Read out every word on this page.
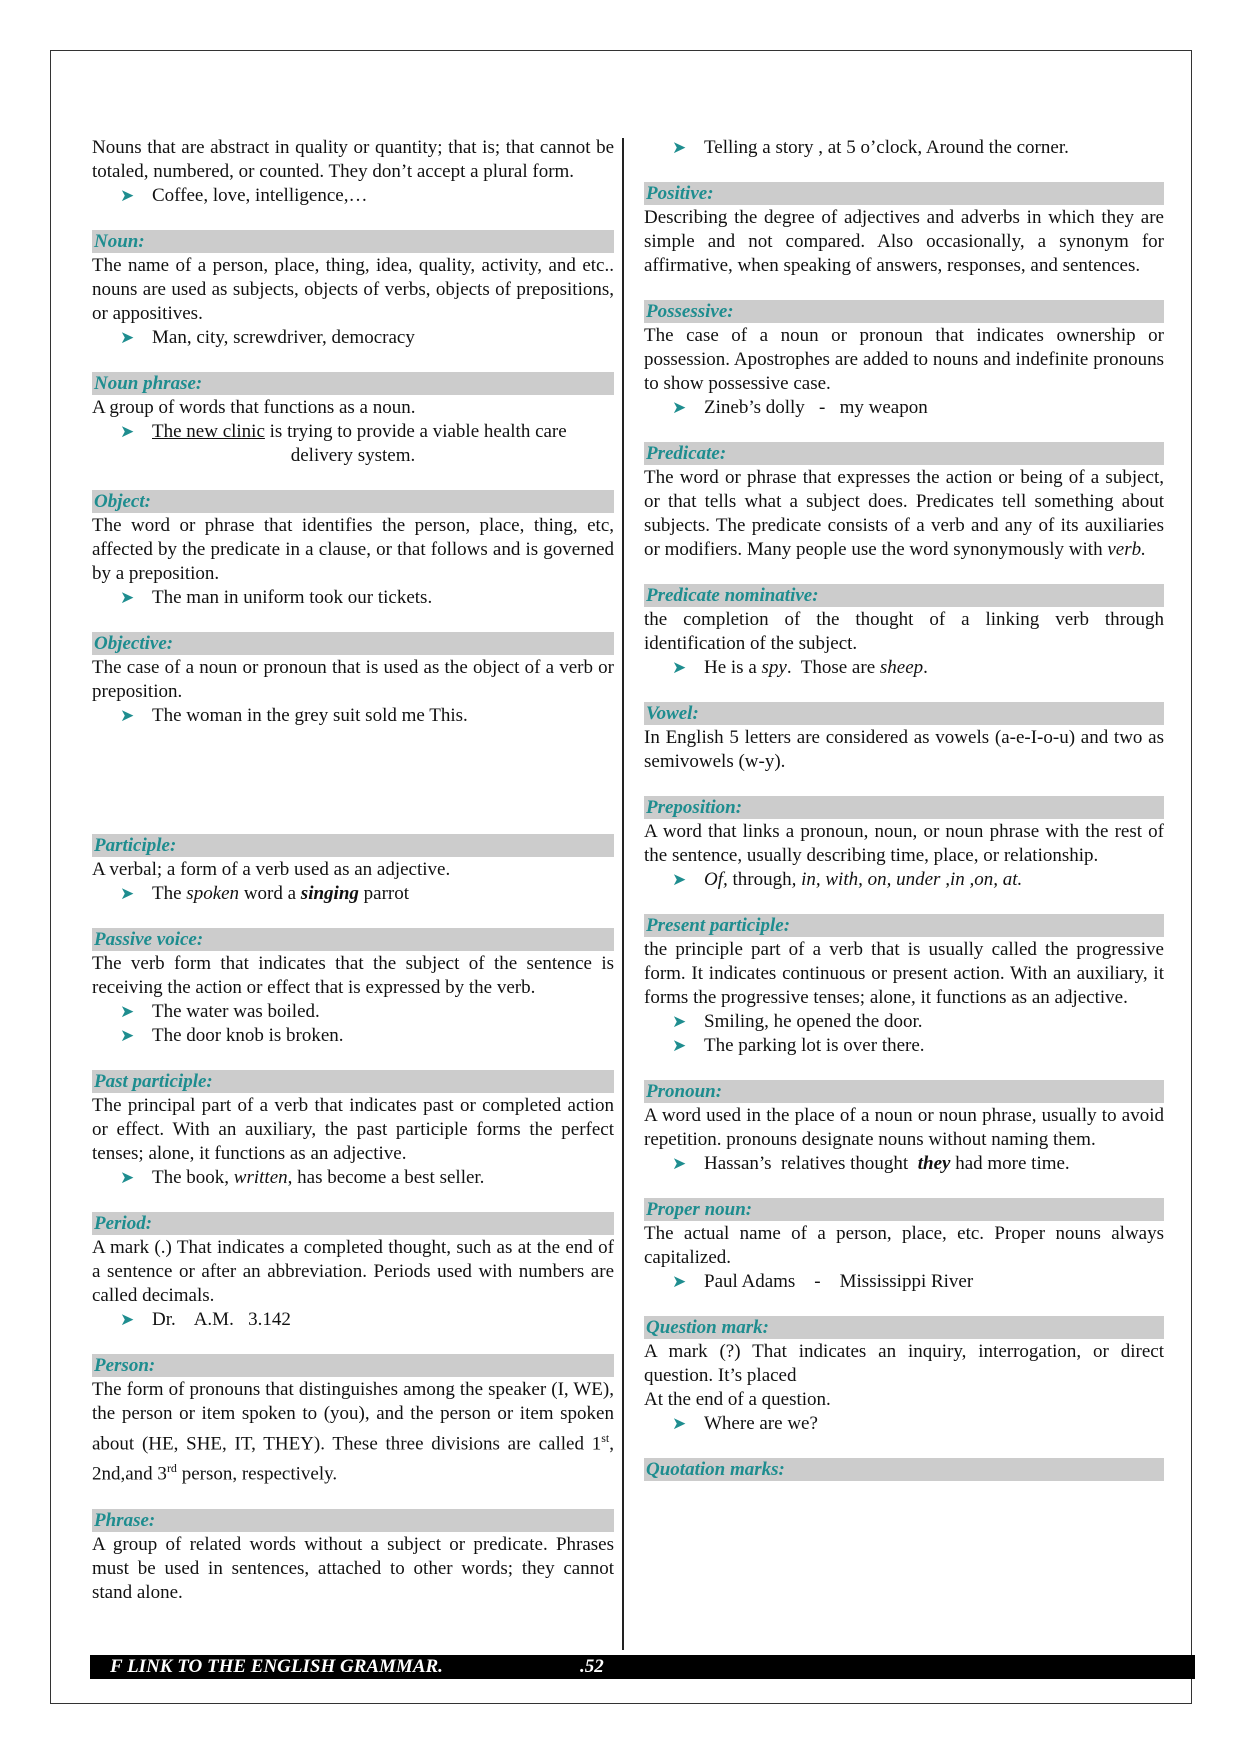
Nouns that are abstract in quality or quantity; that is; that cannot be totaled, numbered, or counted. They don’t accept a plural form.

➤ Coffee, love, intelligence,…
Noun:

The name of a person, place, thing, idea, quality, activity, and etc.. nouns are used as subjects, objects of verbs, objects of prepositions, or appositives.

➤ Man, city, screwdriver, democracy
Noun phrase:

A group of words that functions as a noun.

➤ The new clinic is trying to provide a viable health care
delivery system.
Object:

The word or phrase that identifies the person, place, thing, etc, affected by the predicate in a clause, or that follows and is governed by a preposition.

➤ The man in uniform took our tickets.
Objective:

The case of a noun or pronoun that is used as the object of a verb or preposition.

➤ The woman in the grey suit sold me This.
Participle:

A verbal; a form of a verb used as an adjective.

➤ The spoken word a singing parrot
Passive voice:

The verb form that indicates that the subject of the sentence is receiving the action or effect that is expressed by the verb.

➤ The water was boiled.
➤ The door knob is broken.
Past participle:

The principal part of a verb that indicates past or completed action or effect. With an auxiliary, the past participle forms the perfect tenses; alone, it functions as an adjective.

➤ The book, written, has become a best seller.
Period:

A mark (.) That indicates a completed thought, such as at the end of a sentence or after an abbreviation. Periods used with numbers are called decimals.

➤ Dr.    A.M.   3.142
Person:

The form of pronouns that distinguishes among the speaker (I, WE), the person or item spoken to (you), and the person or item spoken about (HE, SHE, IT, THEY). These three divisions are called 1st, 2nd,and 3rd person, respectively.

Phrase:

A group of related words without a subject or predicate. Phrases must be used in sentences, attached to other words; they cannot stand alone.

➤ Telling a story , at 5 o’clock, Around the corner.
Positive:

Describing the degree of adjectives and adverbs in which they are simple and not compared. Also occasionally, a synonym for affirmative, when speaking of answers, responses, and sentences.

Possessive:

The case of a noun or pronoun that indicates ownership or possession. Apostrophes are added to nouns and indefinite pronouns to show possessive case.

➤ Zineb’s dolly   -   my weapon
Predicate:

The word or phrase that expresses the action or being of a subject, or that tells what a subject does. Predicates tell something about subjects. The predicate consists of a verb and any of its auxiliaries or modifiers. Many people use the word synonymously with verb.

Predicate nominative:

the completion of the thought of a linking verb through identification of the subject.

➤ He is a spy.  Those are sheep.
Vowel:

In English 5 letters are considered as vowels (a-e-I-o-u) and two as semivowels (w-y).

Preposition:

A word that links a pronoun, noun, or noun phrase with the rest of the sentence, usually describing time, place, or relationship.

➤ Of, through, in, with, on, under ,in ,on, at.
Present participle:

the principle part of a verb that is usually called the progressive form. It indicates continuous or present action. With an auxiliary, it forms the progressive tenses; alone, it functions as an adjective.

➤ Smiling, he opened the door.
➤ The parking lot is over there.
Pronoun:

A word used in the place of a noun or noun phrase, usually to avoid repetition. pronouns designate nouns without naming them.

➤ Hassan’s  relatives thought  they had more time.
Proper noun:

The actual name of a person, place, etc. Proper nouns always capitalized.

➤ Paul Adams    -    Mississippi River
Question mark:

A mark (?) That indicates an inquiry, interrogation, or direct question. It’s placed

At the end of a question.

➤ Where are we?
Quotation marks:
F LINK TO THE ENGLISH GRAMMAR.	.52
